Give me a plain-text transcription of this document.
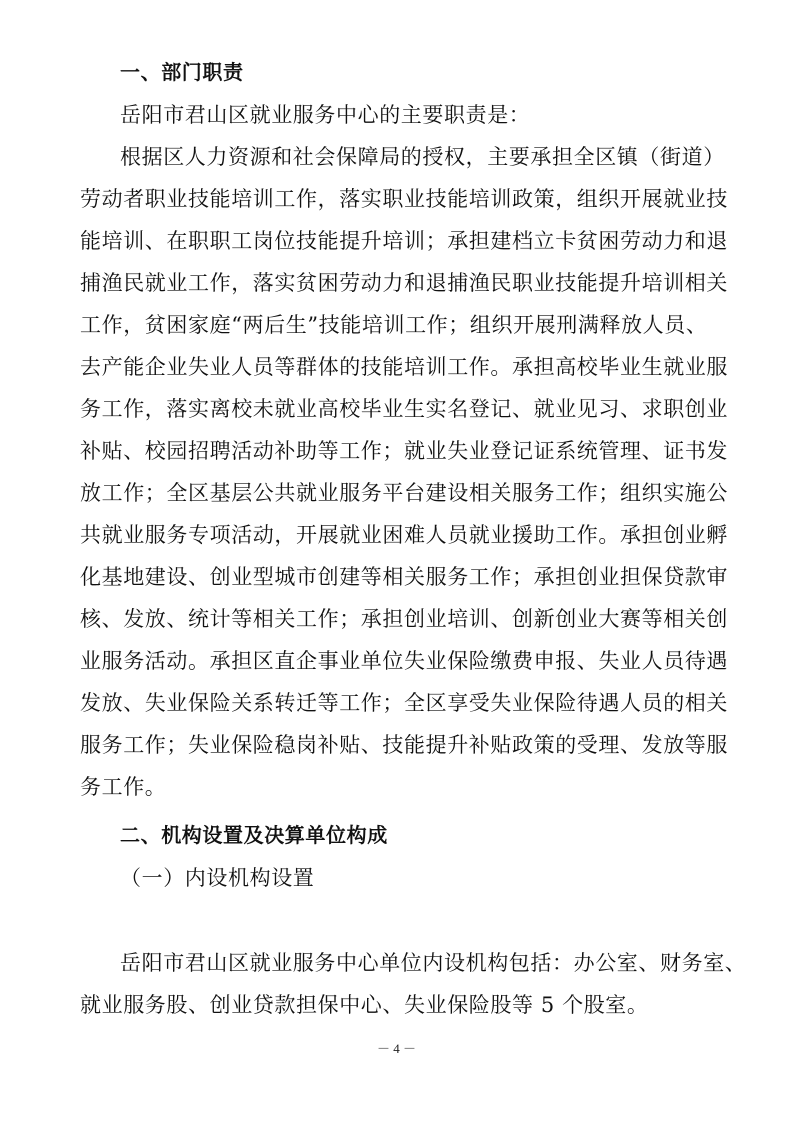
一、部门职责
岳阳市君山区就业服务中心的主要职责是：
根据区人力资源和社会保障局的授权，主要承担全区镇（街道）
劳动者职业技能培训工作，落实职业技能培训政策，组织开展就业技
能培训、在职职工岗位技能提升培训；承担建档立卡贫困劳动力和退
捕渔民就业工作，落实贫困劳动力和退捕渔民职业技能提升培训相关
工作，贫困家庭“两后生”技能培训工作；组织开展刑满释放人员、
去产能企业失业人员等群体的技能培训工作。承担高校毕业生就业服
务工作，落实离校未就业高校毕业生实名登记、就业见习、求职创业
补贴、校园招聘活动补助等工作；就业失业登记证系统管理、证书发
放工作；全区基层公共就业服务平台建设相关服务工作；组织实施公
共就业服务专项活动，开展就业困难人员就业援助工作。承担创业孵
化基地建设、创业型城市创建等相关服务工作；承担创业担保贷款审
核、发放、统计等相关工作；承担创业培训、创新创业大赛等相关创
业服务活动。承担区直企事业单位失业保险缴费申报、失业人员待遇
发放、失业保险关系转迁等工作；全区享受失业保险待遇人员的相关
服务工作；失业保险稳岗补贴、技能提升补贴政策的受理、发放等服
务工作。
二、机构设置及决算单位构成
（一）内设机构设置
岳阳市君山区就业服务中心单位内设机构包括：办公室、财务室、
就业服务股、创业贷款担保中心、失业保险股等 5 个股室。
－ 4 －
